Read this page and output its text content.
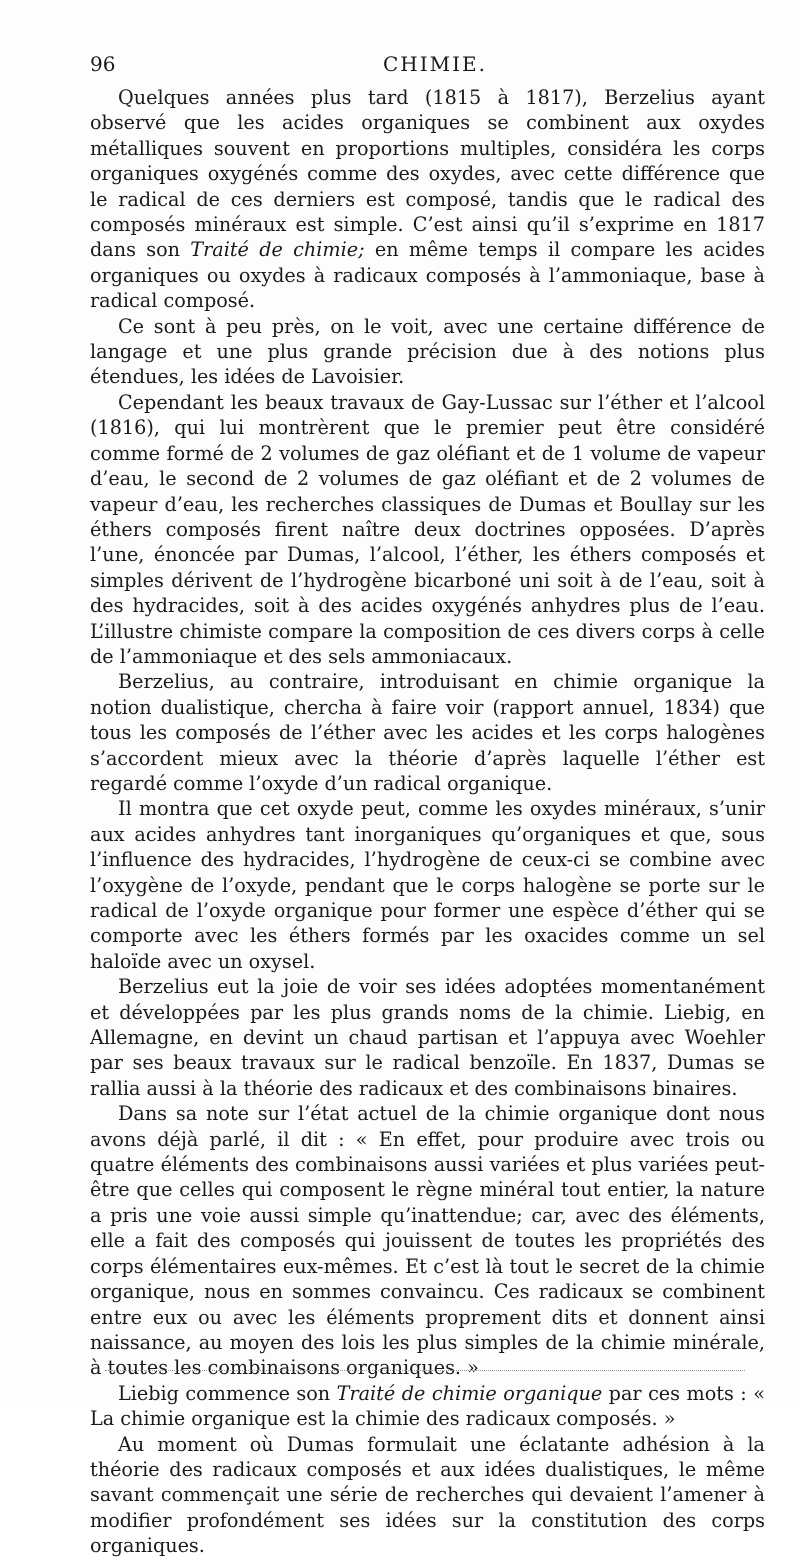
96	CHIMIE.

Quelques années plus tard (1815 à 1817), Berzelius ayant observé que les acides organiques se combinent aux oxydes métalliques souvent en proportions multiples, considéra les corps organiques oxygénés comme des oxydes, avec cette différence que le radical de ces derniers est composé, tandis que le radical des composés minéraux est simple. C’est ainsi qu’il s’exprime en 1817 dans son Traité de chimie; en même temps il compare les acides organiques ou oxydes à radicaux composés à l’ammoniaque, base à radical composé.

Ce sont à peu près, on le voit, avec une certaine différence de langage et une plus grande précision due à des notions plus étendues, les idées de Lavoisier.

Cependant les beaux travaux de Gay-Lussac sur l’éther et l’alcool (1816), qui lui montrèrent que le premier peut être considéré comme formé de 2 volumes de gaz oléfiant et de 1 volume de vapeur d’eau, le second de 2 volumes de gaz oléfiant et de 2 volumes de vapeur d’eau, les recherches classiques de Dumas et Boullay sur les éthers composés firent naître deux doctrines opposées. D’après l’une, énoncée par Dumas, l’alcool, l’éther, les éthers composés et simples dérivent de l’hydrogène bicarboné uni soit à de l’eau, soit à des hydracides, soit à des acides oxygénés anhydres plus de l’eau. L’illustre chimiste compare la composition de ces divers corps à celle de l’ammoniaque et des sels ammoniacaux.

Berzelius, au contraire, introduisant en chimie organique la notion dualistique, chercha à faire voir (rapport annuel, 1834) que tous les composés de l’éther avec les acides et les corps halogènes s’accordent mieux avec la théorie d’après laquelle l’éther est regardé comme l’oxyde d’un radical organique.

Il montra que cet oxyde peut, comme les oxydes minéraux, s’unir aux acides anhydres tant inorganiques qu’organiques et que, sous l’influence des hydracides, l’hydrogène de ceux-ci se combine avec l’oxygène de l’oxyde, pendant que le corps halogène se porte sur le radical de l’oxyde organique pour former une espèce d’éther qui se comporte avec les éthers formés par les oxacides comme un sel haloïde avec un oxysel.

Berzelius eut la joie de voir ses idées adoptées momentanément et développées par les plus grands noms de la chimie. Liebig, en Allemagne, en devint un chaud partisan et l’appuya avec Woehler par ses beaux travaux sur le radical benzoïle. En 1837, Dumas se rallia aussi à la théorie des radicaux et des combinaisons binaires.

Dans sa note sur l’état actuel de la chimie organique dont nous avons déjà parlé, il dit : « En effet, pour produire avec trois ou quatre éléments des combinaisons aussi variées et plus variées peut-être que celles qui composent le règne minéral tout entier, la nature a pris une voie aussi simple qu’inattendue; car, avec des éléments, elle a fait des composés qui jouissent de toutes les propriétés des corps élémentaires eux-mêmes. Et c’est là tout le secret de la chimie organique, nous en sommes convaincu. Ces radicaux se combinent entre eux ou avec les éléments proprement dits et donnent ainsi naissance, au moyen des lois les plus simples de la chimie minérale, à toutes les combinaisons organiques. »

Liebig commence son Traité de chimie organique par ces mots : « La chimie organique est la chimie des radicaux composés. »

Au moment où Dumas formulait une éclatante adhésion à la théorie des radicaux composés et aux idées dualistiques, le même savant commençait une série de recherches qui devaient l’amener à modifier profondément ses idées sur la constitution des corps organiques.
